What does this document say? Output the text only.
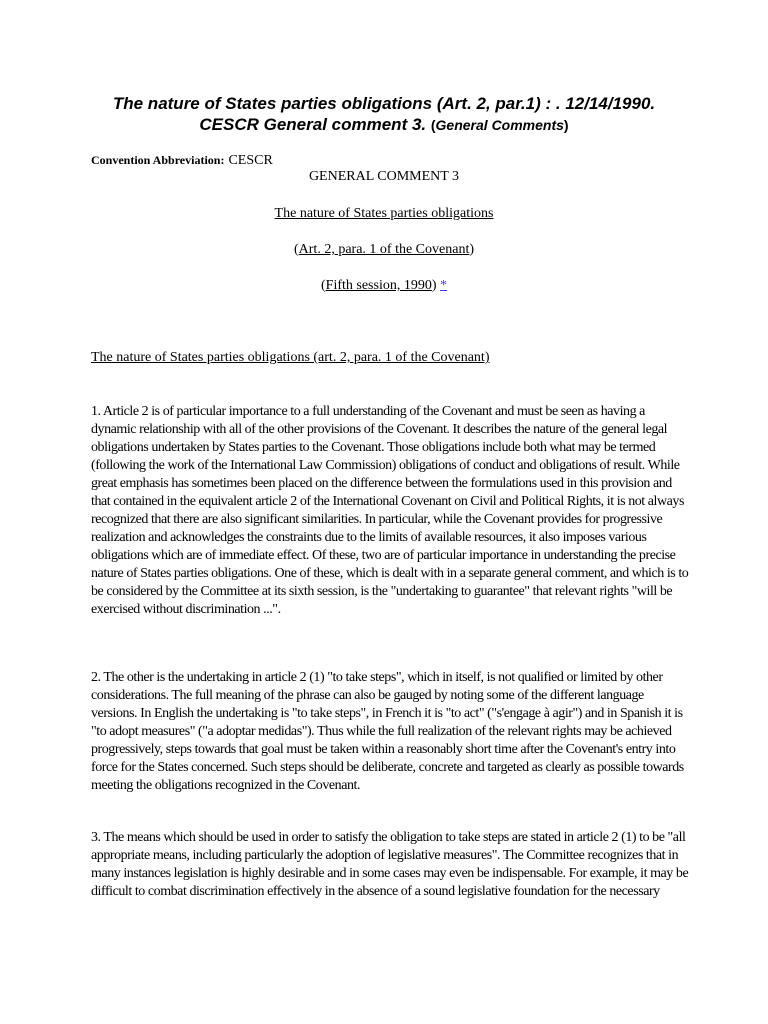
The nature of States parties obligations (Art. 2, par.1) : . 12/14/1990.
CESCR General comment 3. (General Comments)
Convention Abbreviation: CESCR
GENERAL COMMENT 3
The nature of States parties obligations
(Art. 2, para. 1 of the Covenant)
(Fifth session, 1990) *
The nature of States parties obligations (art. 2, para. 1 of the Covenant)

1. Article 2 is of particular importance to a full understanding of the Covenant and must be seen as having a dynamic relationship with all of the other provisions of the Covenant. It describes the nature of the general legal obligations undertaken by States parties to the Covenant. Those obligations include both what may be termed (following the work of the International Law Commission) obligations of conduct and obligations of result. While great emphasis has sometimes been placed on the difference between the formulations used in this provision and that contained in the equivalent article 2 of the International Covenant on Civil and Political Rights, it is not always recognized that there are also significant similarities. In particular, while the Covenant provides for progressive realization and acknowledges the constraints due to the limits of available resources, it also imposes various obligations which are of immediate effect. Of these, two are of particular importance in understanding the precise nature of States parties obligations. One of these, which is dealt with in a separate general comment, and which is to be considered by the Committee at its sixth session, is the "undertaking to guarantee" that relevant rights "will be exercised without discrimination ...".

2. The other is the undertaking in article 2 (1) "to take steps", which in itself, is not qualified or limited by other considerations. The full meaning of the phrase can also be gauged by noting some of the different language versions. In English the undertaking is "to take steps", in French it is "to act" ("s'engage à agir") and in Spanish it is "to adopt measures" ("a adoptar medidas"). Thus while the full realization of the relevant rights may be achieved progressively, steps towards that goal must be taken within a reasonably short time after the Covenant's entry into force for the States concerned. Such steps should be deliberate, concrete and targeted as clearly as possible towards meeting the obligations recognized in the Covenant.

3. The means which should be used in order to satisfy the obligation to take steps are stated in article 2 (1) to be "all appropriate means, including particularly the adoption of legislative measures". The Committee recognizes that in many instances legislation is highly desirable and in some cases may even be indispensable. For example, it may be difficult to combat discrimination effectively in the absence of a sound legislative foundation for the necessary
